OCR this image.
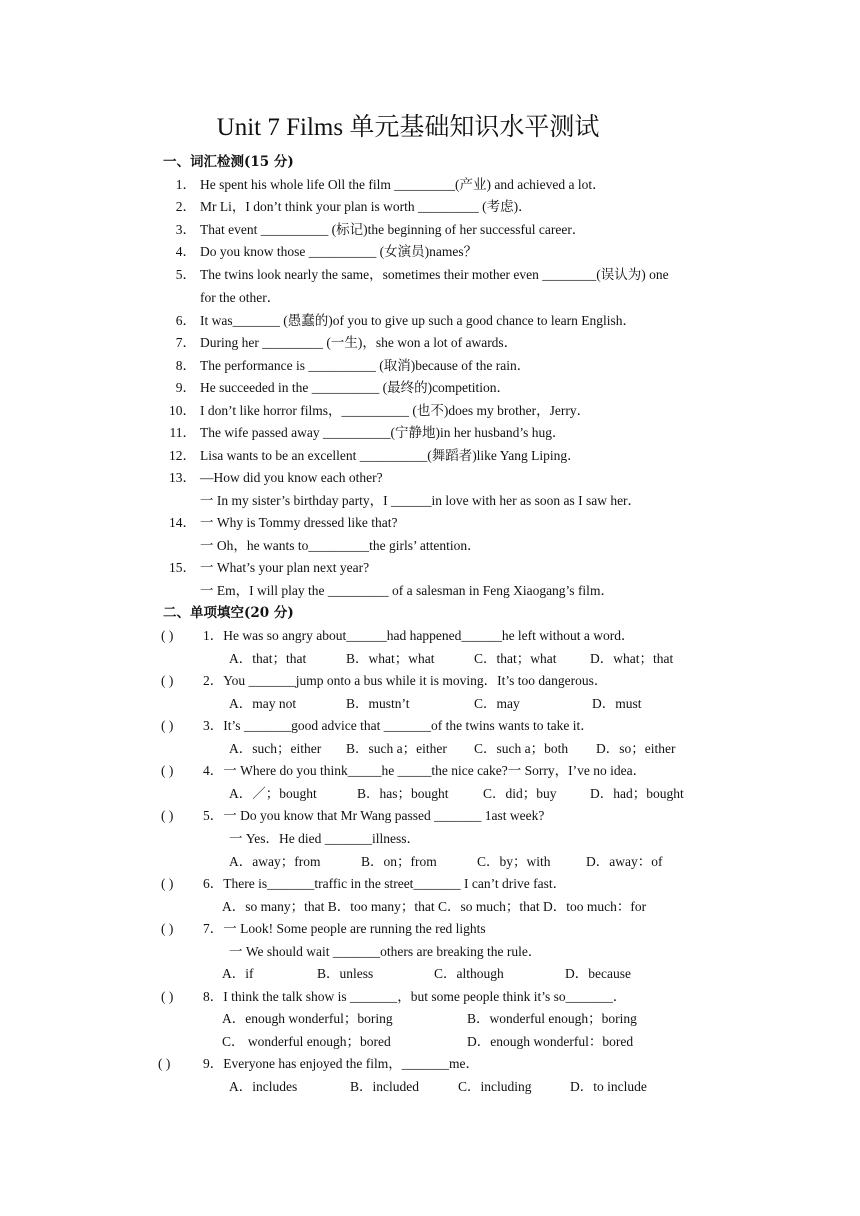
Unit 7 Films 单元基础知识水平测试
一、词汇检测(15 分)
1． He spent his whole life Oll the film _________(产业) and achieved a lot．
2． Mr Li，I don’t think your plan is worth _________ (考虑)．
3． That event __________ (标记)the beginning of her successful career．
4． Do you know those __________ (女演员)names？
5． The twins look nearly the same，sometimes their mother even ________(误认为) one
for the other．
6． It was_______ (愚蠢的)of you to give up such a good chance to learn English．
7． During her _________ (一生)，she won a lot of awards．
8． The performance is __________ (取消)because of the rain．
9． He succeeded in the __________ (最终的)competition．
10． I don’t like horror films，__________ (也不)does my brother，Jerry．
11． The wife passed away __________(宁静地)in her husband’s hug．
12． Lisa wants to be an excellent __________(舞蹈者)like Yang Liping．
13． —How did you know each other?
一 In my sister’s birthday party，I ______in love with her as soon as I saw her．
14． 一 Why is Tommy dressed like that?
一 Oh，he wants to_________the girls’ attention．
15． 一 What’s your plan next year?
一 Em，I will play the _________ of a salesman in Feng Xiaogang’s film．
二、单项填空(20 分)
( ) 1．He was so angry about______had happened______he left without a word．
A．that；that	B．what；what	C．that；what D．what；that
( ) 2．You _______jump onto a bus while it is moving．It’s too dangerous．
A．may not	B．mustn’t	C．may	D．must
( ) 3．It’s _______good advice that _______of the twins wants to take it．
A．such；either B．such a；either C．such a；both D．so；either
( ) 4．一 Where do you think_____he _____the nice cake?一 Sorry，I’ve no idea．
A．／；bought	B．has；bought	C．did；buy D．had；bought
( ) 5．一 Do you know that Mr Wang passed _______ 1ast week?
一 Yes．He died _______illness．
A．away；from	B．on；from	C．by；with	D．away：of
( ) 6．There is_______traffic in the street_______ I can’t drive fast．
A．so many；that B．too many；that C．so much；that D．too much：for
( ) 7．一 Look! Some people are running the red lights
一 We should wait _______others are breaking the rule．
A．if	B．unless	C．although	D．because
( ) 8．I think the talk show is _______，but some people think it’s so_______．
A．enough wonderful；boring	B．wonderful enough；boring
C． wonderful enough；bored	D．enough wonderful：bored
( ) 9．Everyone has enjoyed the film，_______me．
A．includes	B．included	C．including	D．to include
